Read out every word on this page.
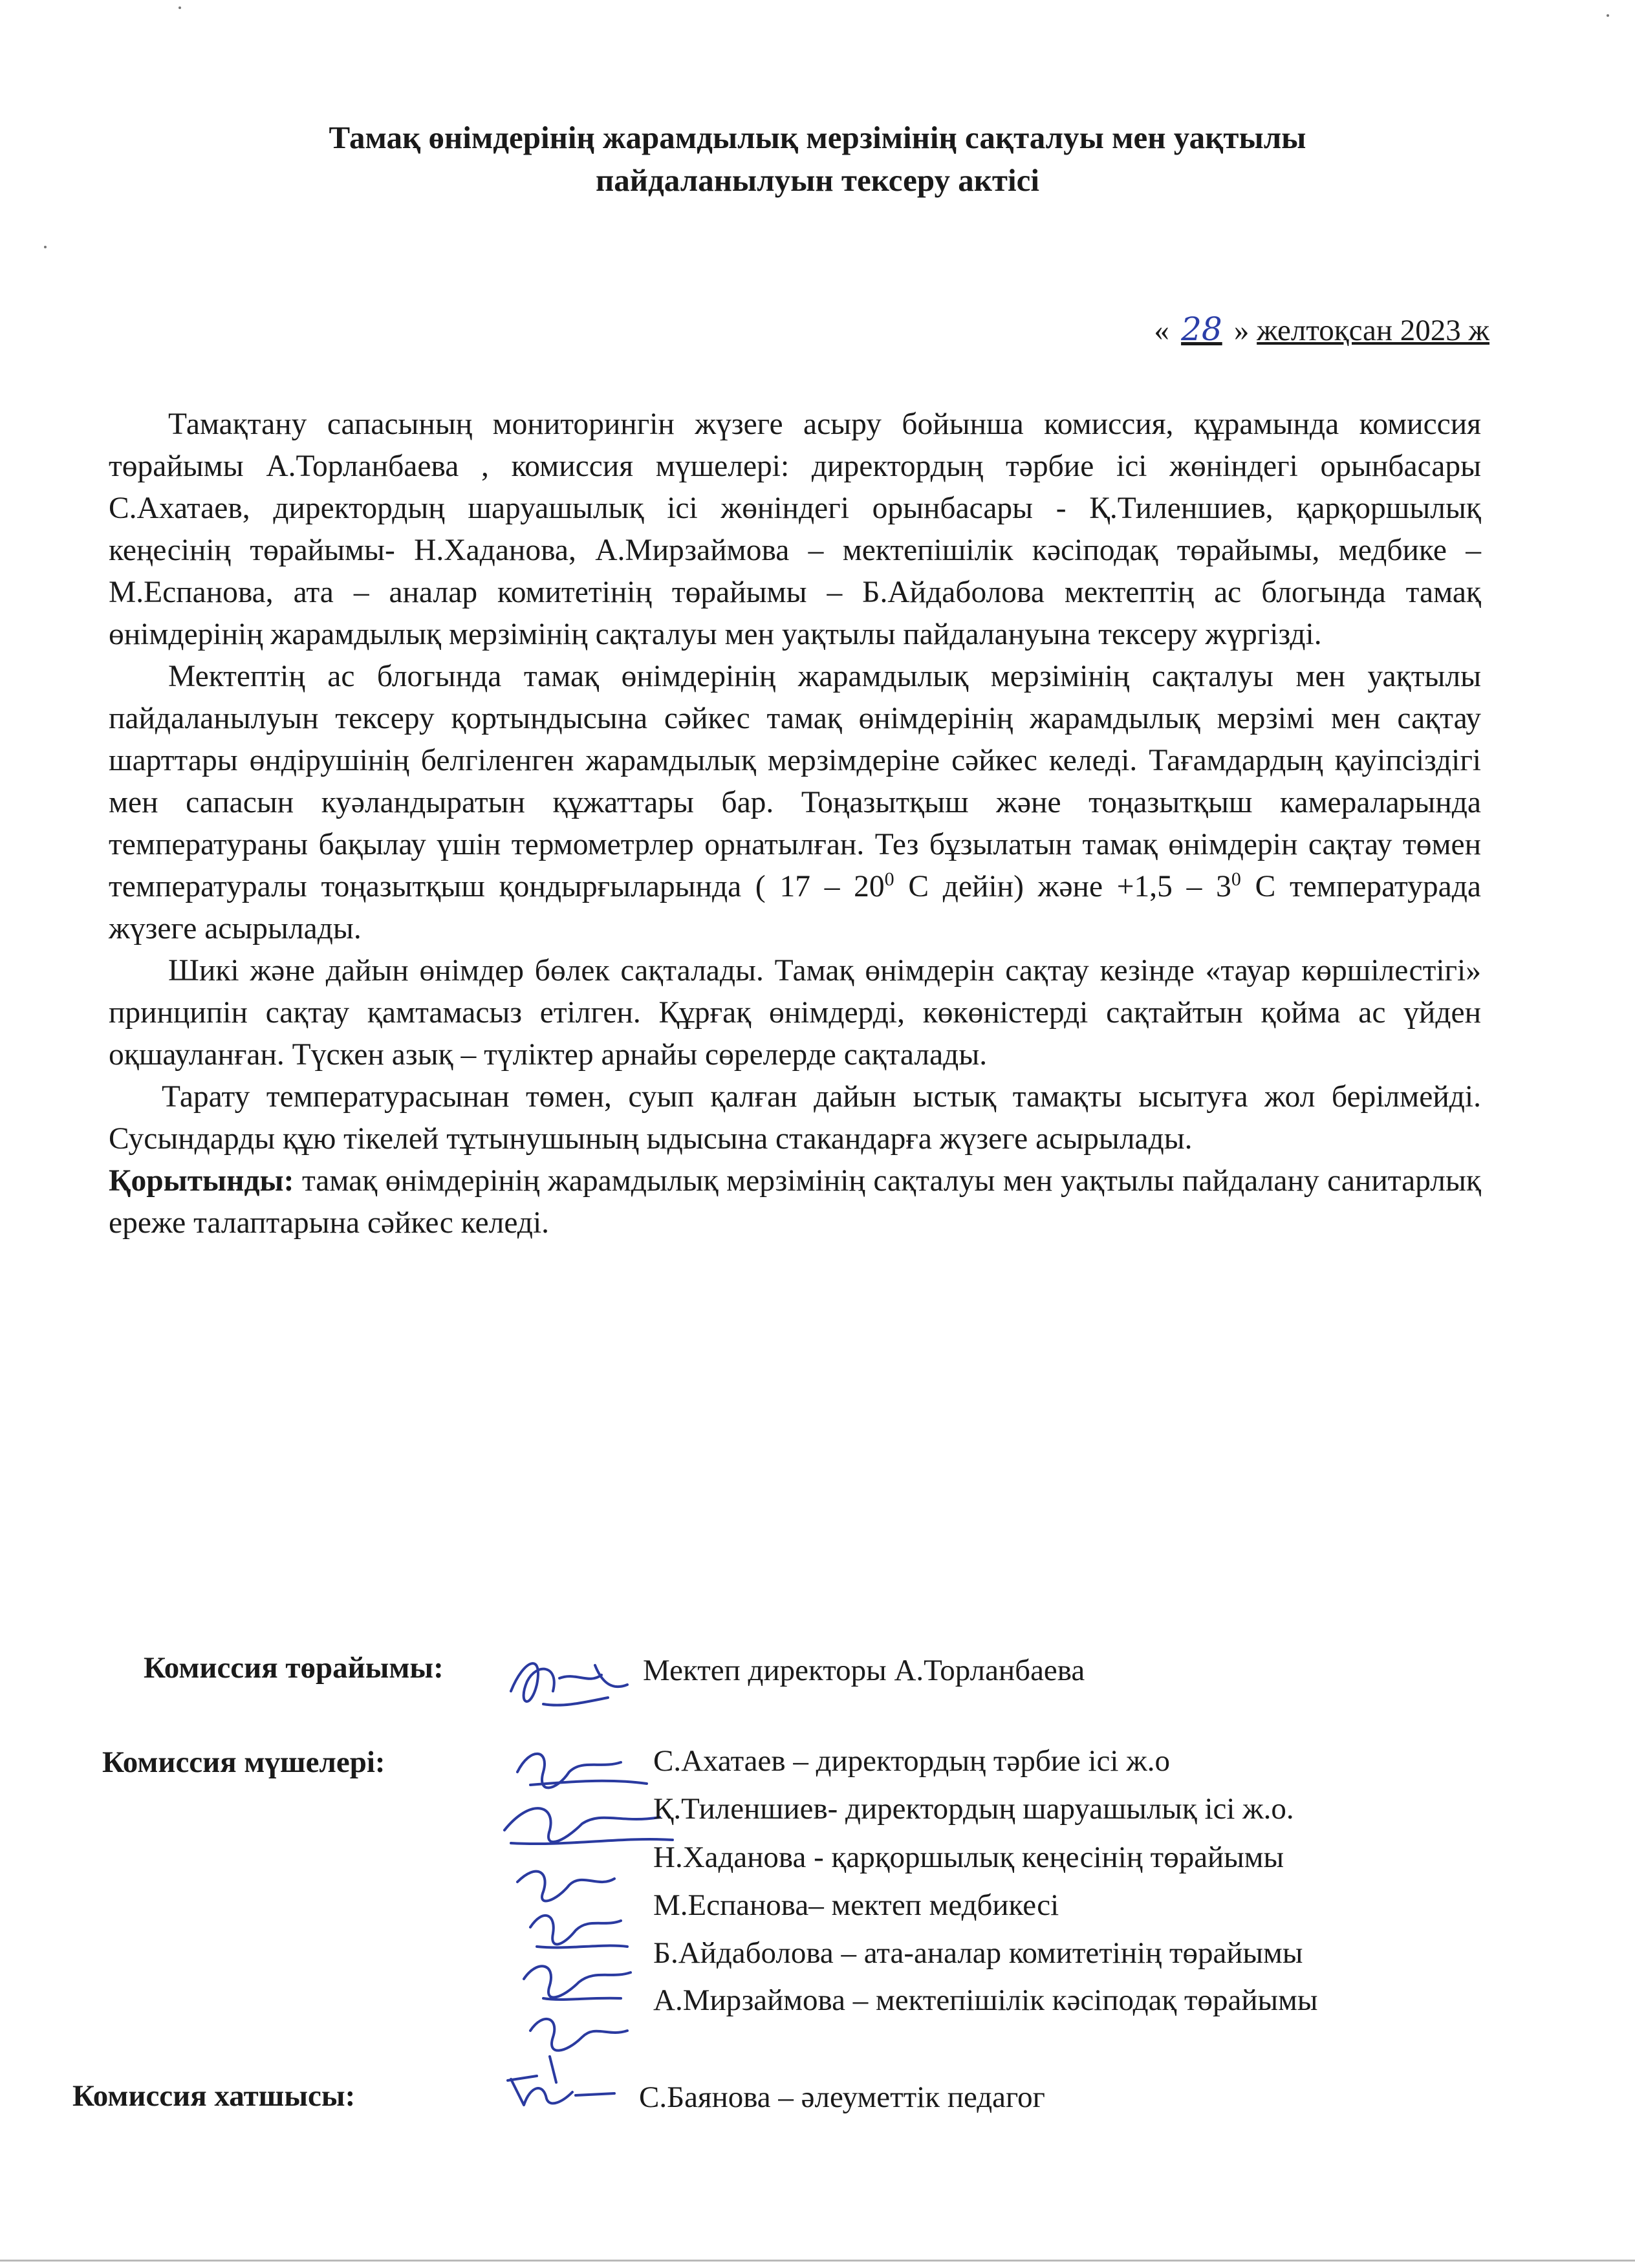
Тамақ өнімдерінің жарамдылық мерзімінің сақталуы мен уақтылы
пайдаланылуын тексеру актісі
« 28 » желтоқсан 2023 ж

Тамақтану сапасының мониторингін жүзеге асыру бойынша комиссия, құрамында комиссия төрайымы А.Торланбаева , комиссия мүшелері: директордың тәрбие ісі жөніндегі орынбасары С.Ахатаев, директордың шаруашылық ісі жөніндегі орынбасары - Қ.Тиленшиев, қарқоршылық кеңесінің төрайымы- Н.Хаданова, А.Мирзаймова – мектепішілік кәсіподақ төрайымы, медбике – М.Еспанова, ата – аналар комитетінің төрайымы – Б.Айдаболова мектептің ас блогында тамақ өнімдерінің жарамдылық мерзімінің сақталуы мен уақтылы пайдалануына тексеру жүргізді.

Мектептің ас блогында тамақ өнімдерінің жарамдылық мерзімінің сақталуы мен уақтылы пайдаланылуын тексеру қортындысына сәйкес тамақ өнімдерінің жарамдылық мерзімі мен сақтау шарттары өндірушінің белгіленген жарамдылық мерзімдеріне сәйкес келеді. Тағамдардың қауіпсіздігі мен сапасын куәландыратын құжаттары бар. Тоңазытқыш және тоңазытқыш камераларында температураны бақылау үшін термометрлер орнатылған. Тез бұзылатын тамақ өнімдерін сақтау төмен температуралы тоңазытқыш қондырғыларында ( $17 - 20^0$ С дейін) және $+1,5 - 3^0$ С температурада жүзеге асырылады.

Шикі және дайын өнімдер бөлек сақталады. Тамақ өнімдерін сақтау кезінде «тауар көршілестігі» принципін сақтау қамтамасыз етілген. Құрғақ өнімдерді, көкөністерді сақтайтын қойма ас үйден оқшауланған. Түскен азық – түліктер арнайы сөрелерде сақталады.

Тарату температурасынан төмен, суып қалған дайын ыстық тамақты ысытуға жол берілмейді. Сусындарды құю тікелей тұтынушының ыдысына стакандарға жүзеге асырылады.

Қорытынды: тамақ өнімдерінің жарамдылық мерзімінің сақталуы мен уақтылы пайдалану санитарлық ереже талаптарына сәйкес келеді.

Комиссия төрайымы:	Мектеп директоры А.Торланбаева
Комиссия мүшелері:	С.Ахатаев – директордың тәрбие ісі ж.о
Қ.Тиленшиев- директордың шаруашылық ісі ж.о.
Н.Хаданова - қарқоршылық кеңесінің төрайымы
М.Еспанова– мектеп медбикесі
Б.Айдаболова – ата-аналар комитетінің төрайымы
А.Мирзаймова – мектепішілік кәсіподақ төрайымы
Комиссия хатшысы:	С.Баянова – әлеуметтік педагог
